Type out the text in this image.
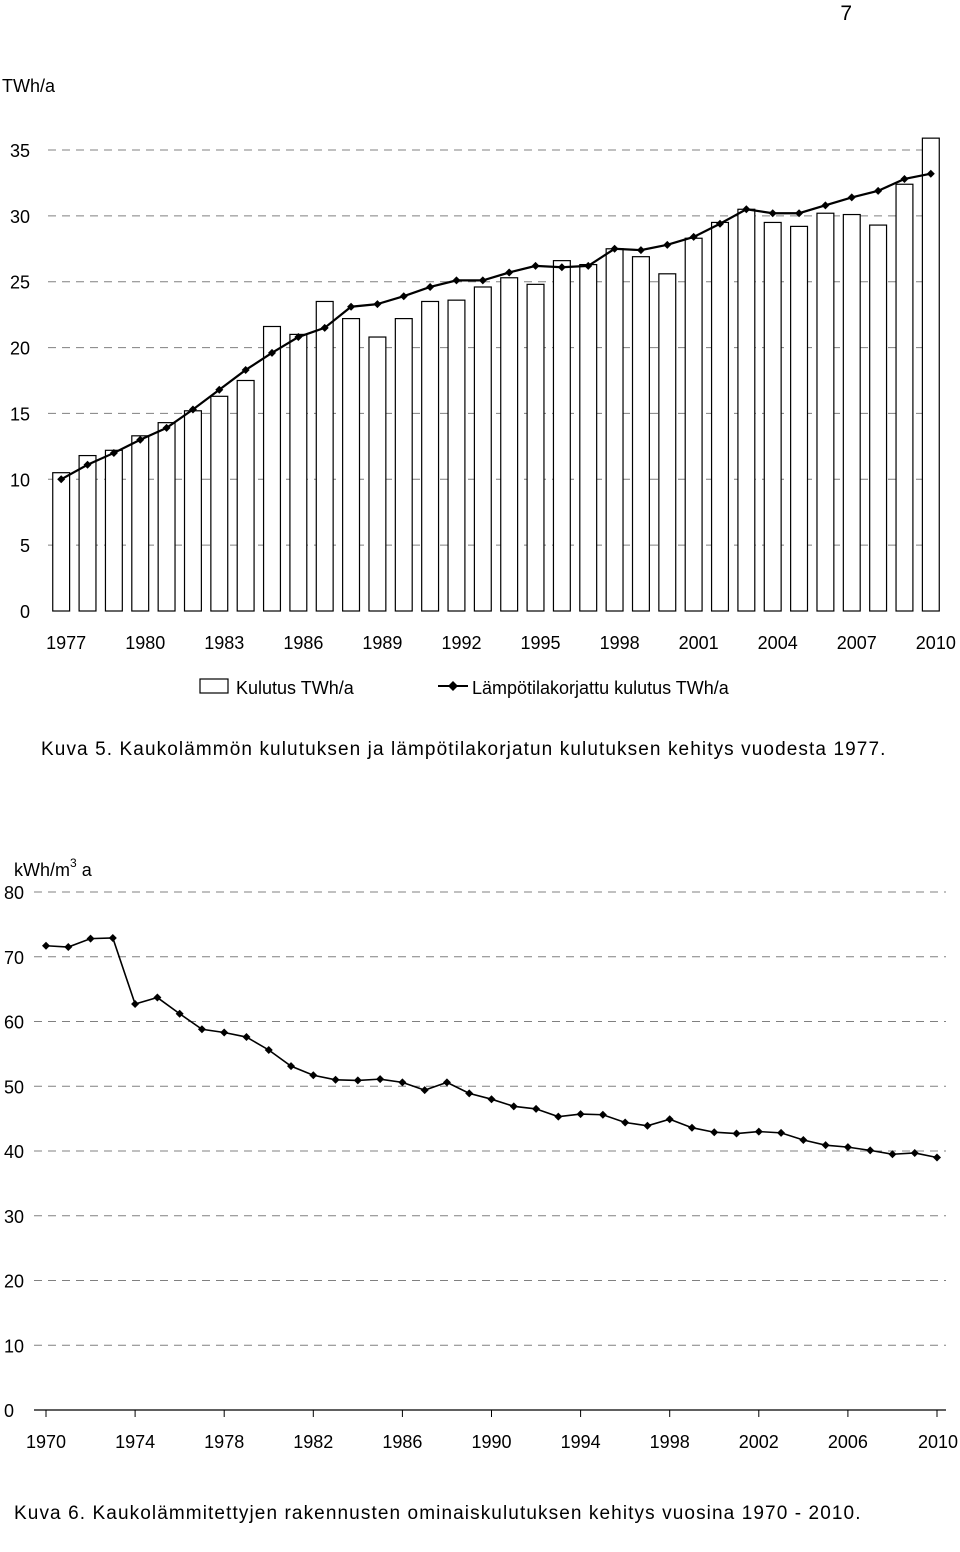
7
TWh/a
0
5
10
15
20
25
30
35
1977 1980 1983 1986 1989 1992 1995 1998 2001 2004 2007 2010
Kulutus TWh/a	Lämpötilakorjattu kulutus TWh/a
Kuva 5. Kaukolämmön kulutuksen ja lämpötilakorjatun kulutuksen kehitys vuodesta 1977.
kWh/$m^3$ a
0
10
20
30
40
50
60
70
80
1970	1974	1978	1982	1986	1990	1994	1998	2002	2006	2010
Kuva 6. Kaukolämmitettyjen rakennusten ominaiskulutuksen kehitys vuosina 1970 - 2010.
